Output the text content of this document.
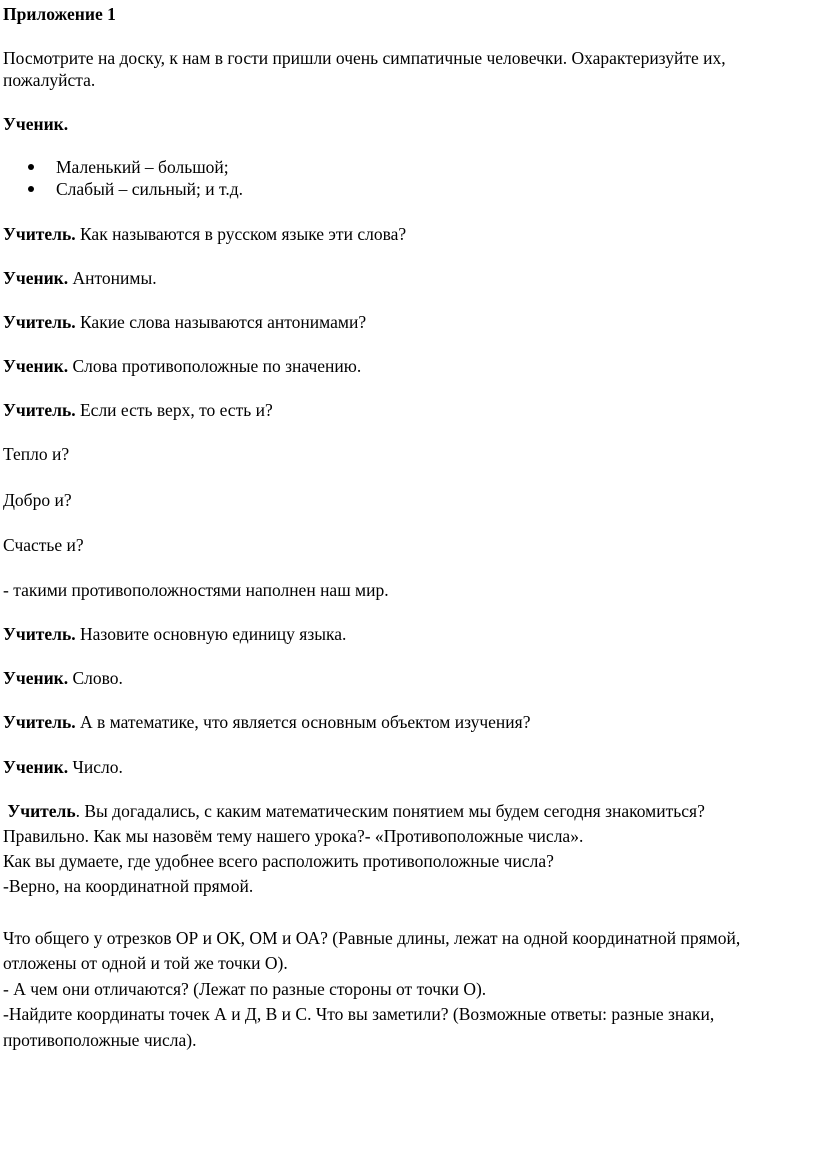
Приложение 1
Посмотрите на доску, к нам в гости пришли очень симпатичные человечки. Охарактеризуйте их,
пожалуйста.
Ученик.
Маленький – большой;
Слабый – сильный; и т.д.
Учитель. Как называются в русском языке эти слова?
Ученик. Антонимы.
Учитель. Какие слова называются антонимами?
Ученик. Слова противоположные по значению.
Учитель. Если есть верх, то есть и?
Тепло и?
Добро и?
Счастье и?
- такими противоположностями наполнен наш мир.
Учитель. Назовите основную единицу языка.
Ученик. Слово.
Учитель. А в математике, что является основным объектом изучения?
Ученик. Число.
Учитель. Вы догадались, с каким математическим понятием мы будем сегодня знакомиться?
Правильно. Как мы назовём тему нашего урока?- «Противоположные числа».
Как вы думаете, где удобнее всего расположить противоположные числа?
-Верно, на координатной прямой.
Что общего у отрезков ОР и ОК, ОМ и ОА? (Равные длины, лежат на одной координатной прямой,
отложены от одной и той же точки О).
- А чем они отличаются? (Лежат по разные стороны от точки О).
-Найдите координаты точек А и Д, В и С. Что вы заметили? (Возможные ответы: разные знаки,
противоположные числа).
